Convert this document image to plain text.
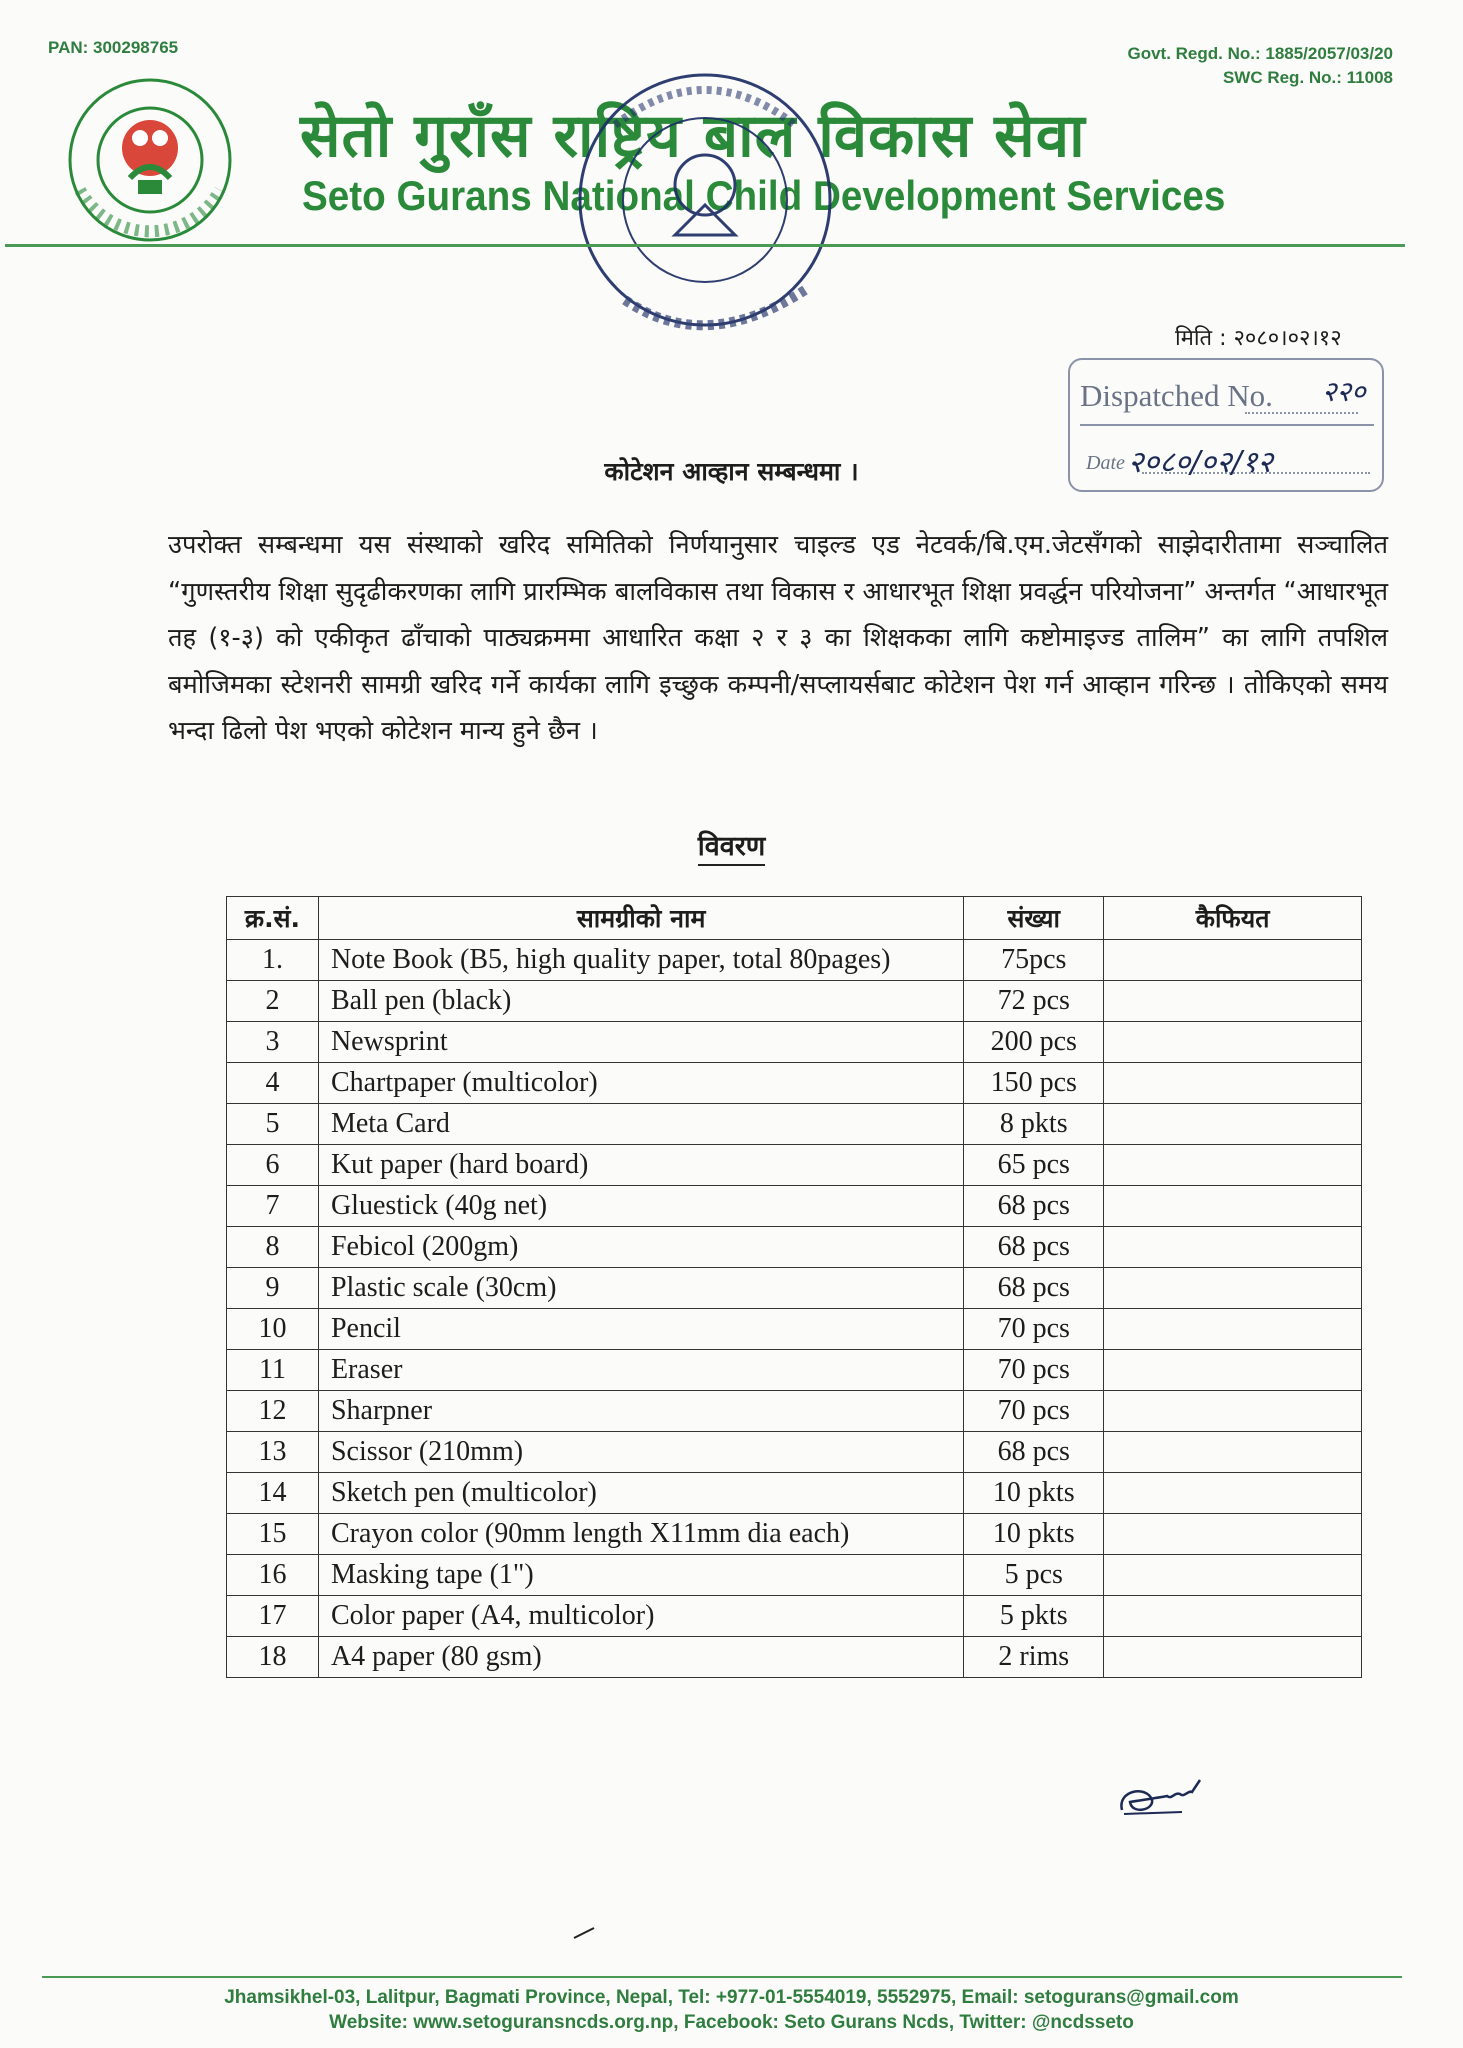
PAN: 300298765	Govt. Regd. No.: 1885/2057/03/20
SWC Reg. No.: 11008
सेतो गुराँस राष्ट्रिय बाल विकास सेवा
Seto Gurans National Child Development Services
मिति : २०८०।०२।१२
Dispatched No. २२०
Date २०८०/०२/१२
कोटेशन आव्हान सम्बन्धमा ।
उपरोक्त सम्बन्धमा यस संस्थाको खरिद समितिको निर्णयानुसार चाइल्ड एड नेटवर्क/बि.एम.जेटसँगको साझेदारीतामा सञ्चालित “गुणस्तरीय शिक्षा सुदृढीकरणका लागि प्रारम्भिक बालविकास तथा विकास र आधारभूत शिक्षा प्रवर्द्धन परियोजना” अन्तर्गत “आधारभूत तह (१-३) को एकीकृत ढाँचाको पाठ्यक्रममा आधारित कक्षा २ र ३ का शिक्षकका लागि कष्टोमाइज्ड तालिम” का लागि तपशिल बमोजिमका स्टेशनरी सामग्री खरिद गर्ने कार्यका लागि इच्छुक कम्पनी/सप्लायर्सबाट कोटेशन पेश गर्न आव्हान गरिन्छ । तोकिएको समय भन्दा ढिलो पेश भएको कोटेशन मान्य हुने छैन ।
विवरण
क्र.सं.	सामग्रीको नाम	संख्या	कैफियत
1.	Note Book (B5, high quality paper, total 80pages)	75pcs	
2	Ball pen (black)	72 pcs	
3	Newsprint	200 pcs	
4	Chartpaper (multicolor)	150 pcs	
5	Meta Card	8 pkts	
6	Kut paper (hard board)	65 pcs	
7	Gluestick (40g net)	68 pcs	
8	Febicol (200gm)	68 pcs	
9	Plastic scale (30cm)	68 pcs	
10	Pencil	70 pcs	
11	Eraser	70 pcs	
12	Sharpner	70 pcs	
13	Scissor (210mm)	68 pcs	
14	Sketch pen (multicolor)	10 pkts	
15	Crayon color (90mm length X11mm dia each)	10 pkts	
16	Masking tape (1")	5 pcs	
17	Color paper (A4, multicolor)	5 pkts	
18	A4 paper (80 gsm)	2 rims	
Jhamsikhel-03, Lalitpur, Bagmati Province, Nepal, Tel: +977-01-5554019, 5552975, Email: setogurans@gmail.com
Website: www.setoguransncds.org.np, Facebook: Seto Gurans Ncds, Twitter: @ncdsseto
